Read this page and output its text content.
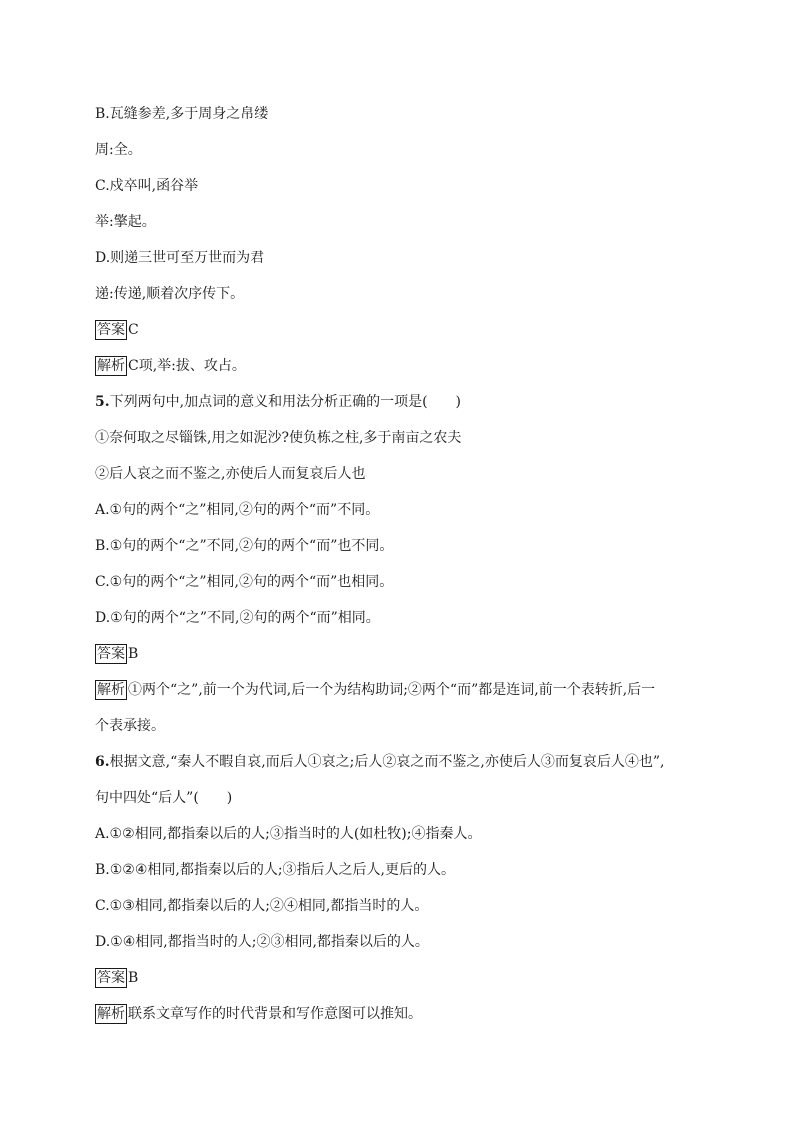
B.瓦缝参差,多于周身之帛缕
周:全。
C.戍卒叫,函谷举
举:擎起。
D.则递三世可至万世而为君
递:传递,顺着次序传下。
答案 C
解析 C项,举:拔、攻占。
5.下列两句中,加点词的意义和用法分析正确的一项是(　　)
①奈何取之尽锱铢,用之如泥沙?使负栋之柱,多于南亩之农夫
②后人哀之而不鉴之,亦使后人而复哀后人也
A.①句的两个“之”相同,②句的两个“而”不同。
B.①句的两个“之”不同,②句的两个“而”也不同。
C.①句的两个“之”相同,②句的两个“而”也相同。
D.①句的两个“之”不同,②句的两个“而”相同。
答案 B
解析 ①两个“之”,前一个为代词,后一个为结构助词;②两个“而”都是连词,前一个表转折,后一
个表承接。
6.根据文意,“秦人不暇自哀,而后人①哀之;后人②哀之而不鉴之,亦使后人③而复哀后人④也”,
句中四处“后人”(　　)
A.①②相同,都指秦以后的人;③指当时的人(如杜牧);④指秦人。
B.①②④相同,都指秦以后的人;③指后人之后人,更后的人。
C.①③相同,都指秦以后的人;②④相同,都指当时的人。
D.①④相同,都指当时的人;②③相同,都指秦以后的人。
答案 B
解析 联系文章写作的时代背景和写作意图可以推知。
